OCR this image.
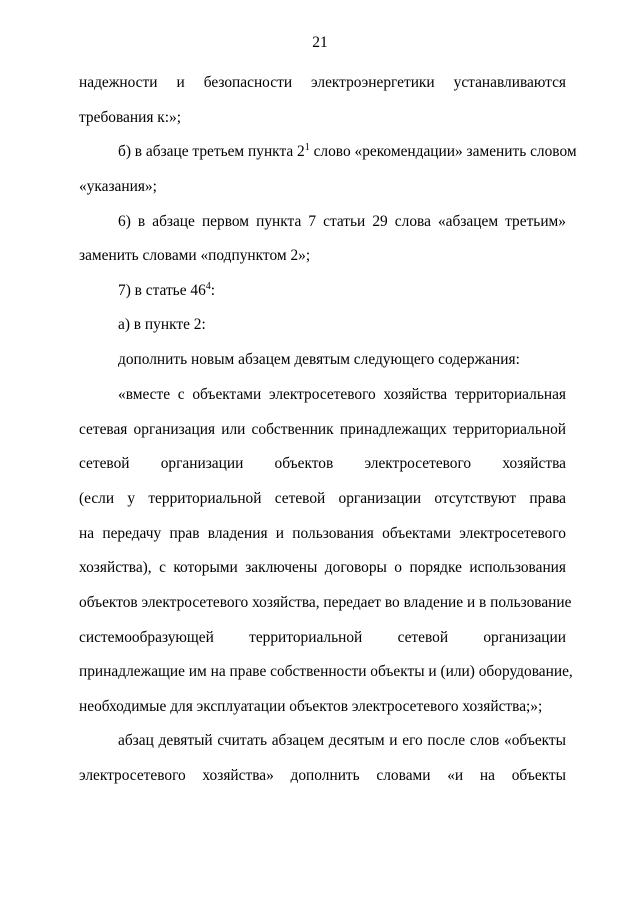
21
надежности и безопасности электроэнергетики устанавливаются
требования к:»;
б) в абзаце третьем пункта $2^1$ слово «рекомендации» заменить словом
«указания»;
6) в абзаце первом пункта 7 статьи 29 слова «абзацем третьим»
заменить словами «подпунктом 2»;
7) в статье $46^4$:
а) в пункте 2:
дополнить новым абзацем девятым следующего содержания:
«вместе с объектами электросетевого хозяйства территориальная
сетевая организация или собственник принадлежащих территориальной
сетевой организации объектов электросетевого хозяйства
(если у территориальной сетевой организации отсутствуют права
на передачу прав владения и пользования объектами электросетевого
хозяйства), с которыми заключены договоры о порядке использования
объектов электросетевого хозяйства, передает во владение и в пользование
системообразующей территориальной сетевой организации
принадлежащие им на праве собственности объекты и (или) оборудование,
необходимые для эксплуатации объектов электросетевого хозяйства;»;
абзац девятый считать абзацем десятым и его после слов «объекты
электросетевого хозяйства» дополнить словами «и на объекты
